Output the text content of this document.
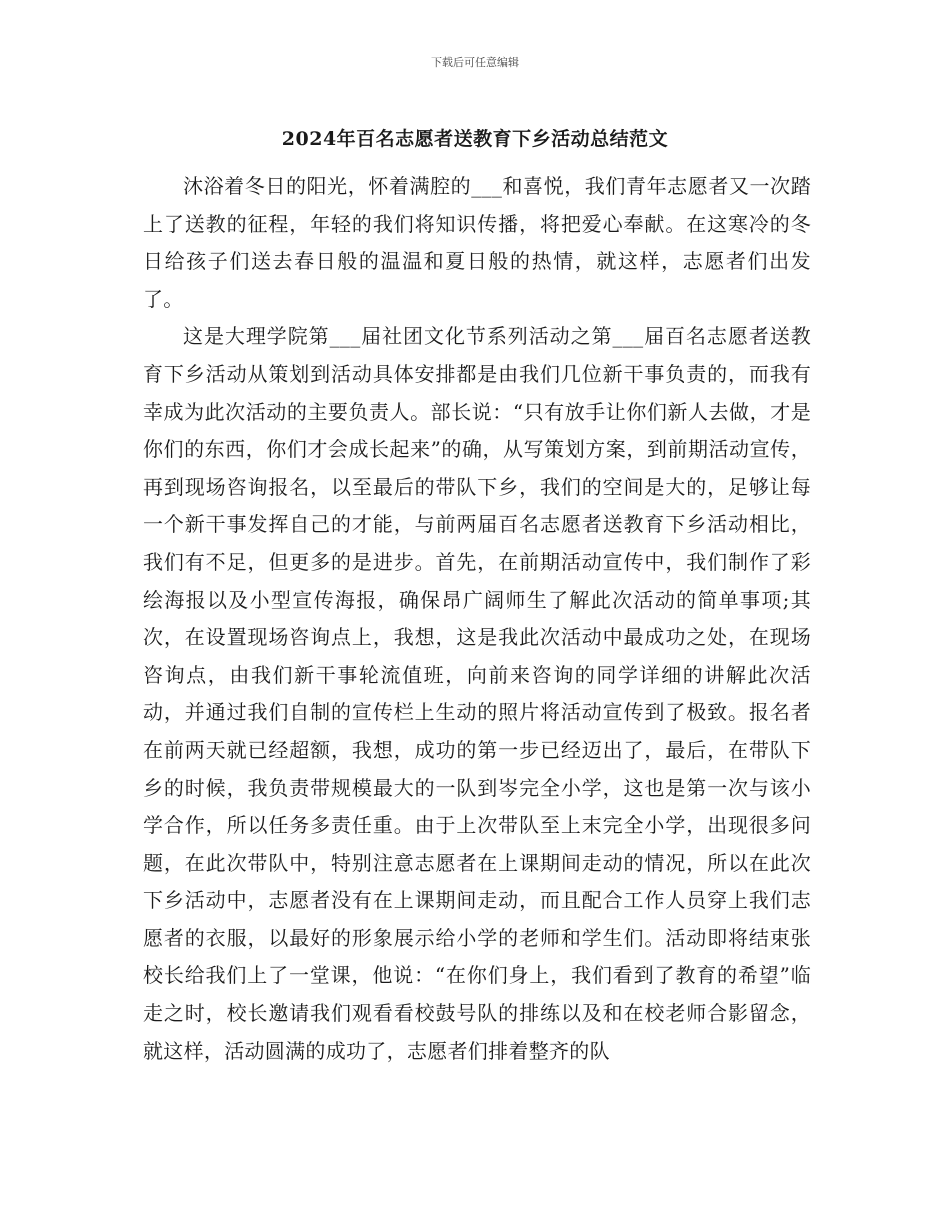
下载后可任意编辑
2024年百名志愿者送教育下乡活动总结范文

沐浴着冬日的阳光，怀着满腔的___和喜悦，我们青年志愿者又一次踏上了送教的征程，年轻的我们将知识传播，将把爱心奉献。在这寒冷的冬日给孩子们送去春日般的温温和夏日般的热情，就这样，志愿者们出发了。

这是大理学院第___届社团文化节系列活动之第___届百名志愿者送教育下乡活动从策划到活动具体安排都是由我们几位新干事负责的，而我有幸成为此次活动的主要负责人。部长说：“只有放手让你们新人去做，才是你们的东西，你们才会成长起来”的确，从写策划方案，到前期活动宣传，再到现场咨询报名，以至最后的带队下乡，我们的空间是大的，足够让每一个新干事发挥自己的才能，与前两届百名志愿者送教育下乡活动相比，我们有不足，但更多的是进步。首先，在前期活动宣传中，我们制作了彩绘海报以及小型宣传海报，确保昂广阔师生了解此次活动的简单事项;其次，在设置现场咨询点上，我想，这是我此次活动中最成功之处，在现场咨询点，由我们新干事轮流值班，向前来咨询的同学详细的讲解此次活动，并通过我们自制的宣传栏上生动的照片将活动宣传到了极致。报名者在前两天就已经超额，我想，成功的第一步已经迈出了，最后，在带队下乡的时候，我负责带规模最大的一队到岑完全小学，这也是第一次与该小学合作，所以任务多责任重。由于上次带队至上末完全小学，出现很多问题，在此次带队中，特别注意志愿者在上课期间走动的情况，所以在此次下乡活动中，志愿者没有在上课期间走动，而且配合工作人员穿上我们志愿者的衣服，以最好的形象展示给小学的老师和学生们。活动即将结束张校长给我们上了一堂课，他说：“在你们身上，我们看到了教育的希望”临走之时，校长邀请我们观看看校鼓号队的排练以及和在校老师合影留念，就这样，活动圆满的成功了，志愿者们排着整齐的队
